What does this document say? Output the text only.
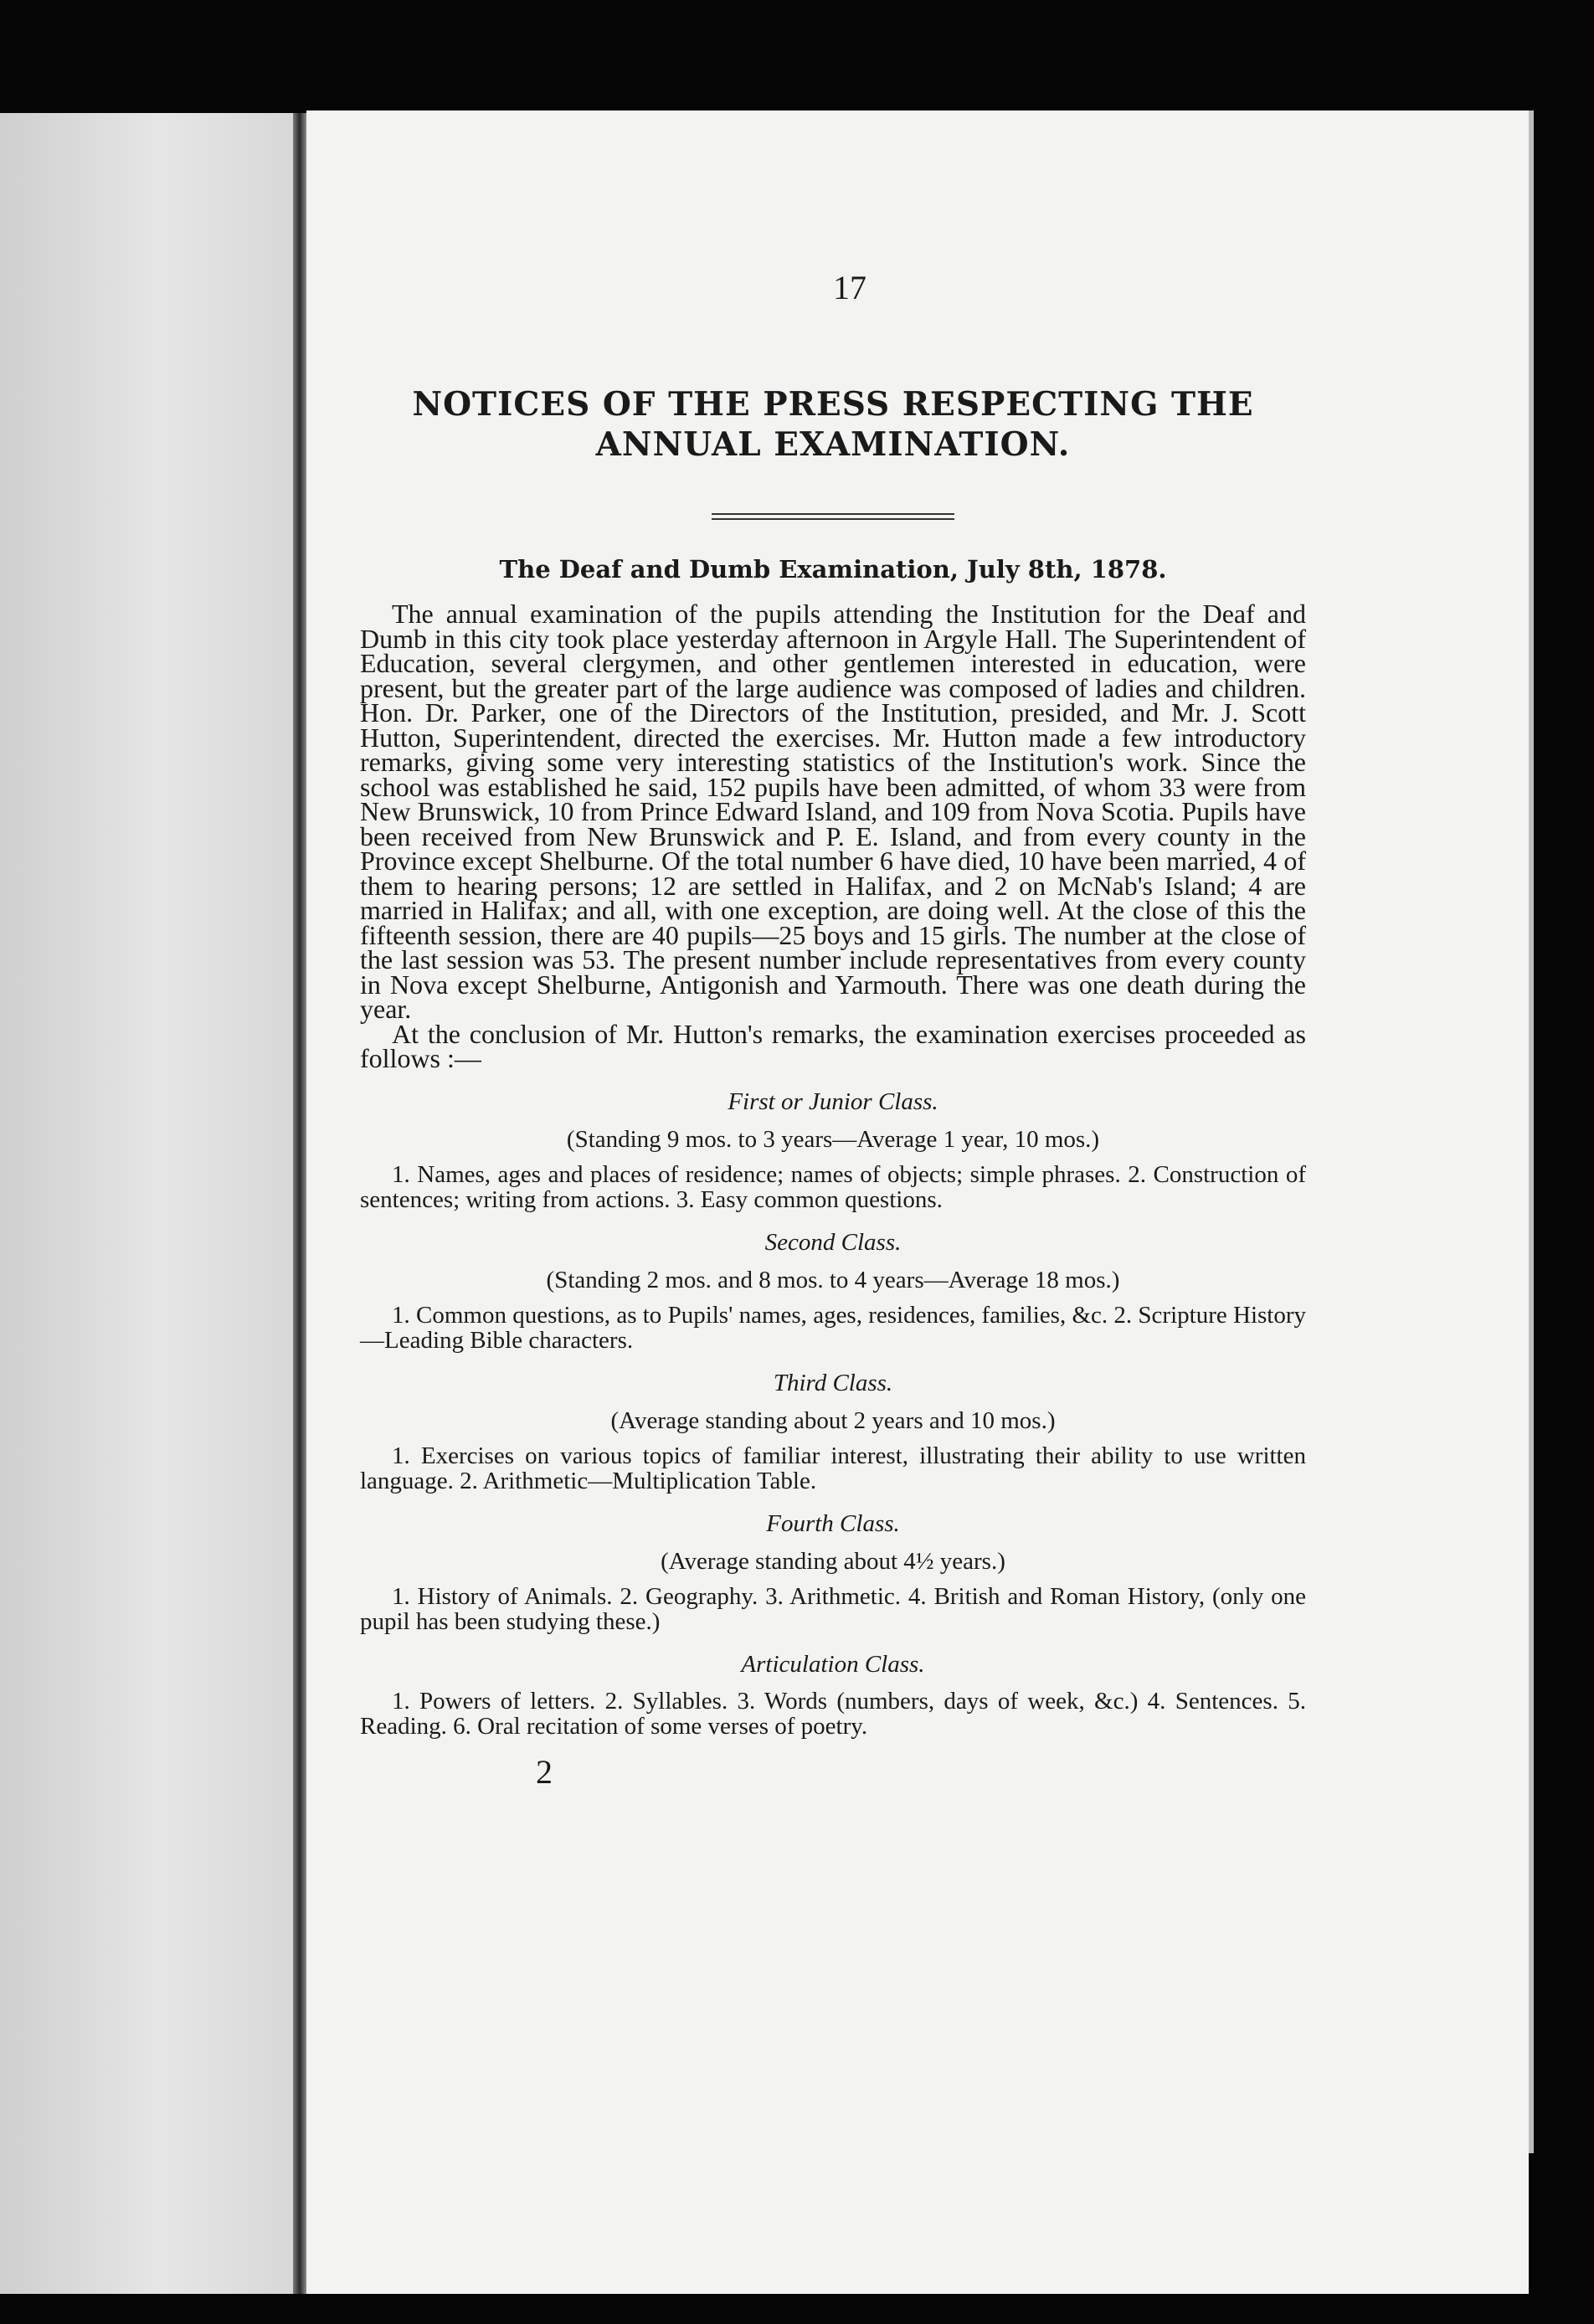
17
NOTICES OF THE PRESS RESPECTING THE
ANNUAL EXAMINATION.
The Deaf and Dumb Examination, July 8th, 1878.

The annual examination of the pupils attending the Institution for the Deaf and Dumb in this city took place yesterday afternoon in Argyle Hall. The Superintendent of Education, several clergymen, and other gentlemen interested in education, were present, but the greater part of the large audience was composed of ladies and children. Hon. Dr. Parker, one of the Directors of the Institution, presided, and Mr. J. Scott Hutton, Superintendent, directed the exercises. Mr. Hutton made a few introductory remarks, giving some very interesting statistics of the Institution's work. Since the school was established he said, 152 pupils have been admitted, of whom 33 were from New Brunswick, 10 from Prince Edward Island, and 109 from Nova Scotia. Pupils have been received from New Brunswick and P. E. Island, and from every county in the Province except Shelburne. Of the total number 6 have died, 10 have been married, 4 of them to hearing persons; 12 are settled in Halifax, and 2 on McNab's Island; 4 are married in Halifax; and all, with one exception, are doing well. At the close of this the fifteenth session, there are 40 pupils—25 boys and 15 girls. The number at the close of the last session was 53. The present number include representatives from every county in Nova except Shelburne, Antigonish and Yarmouth. There was one death during the year.

At the conclusion of Mr. Hutton's remarks, the examination exercises proceeded as follows :—

First or Junior Class.
(Standing 9 mos. to 3 years—Average 1 year, 10 mos.)

1. Names, ages and places of residence; names of objects; simple phrases. 2. Construction of sentences; writing from actions. 3. Easy common questions.

Second Class.
(Standing 2 mos. and 8 mos. to 4 years—Average 18 mos.)

1. Common questions, as to Pupils' names, ages, residences, families, &c. 2. Scripture History—Leading Bible characters.

Third Class.
(Average standing about 2 years and 10 mos.)

1. Exercises on various topics of familiar interest, illustrating their ability to use written language. 2. Arithmetic—Multiplication Table.

Fourth Class.
(Average standing about 4½ years.)

1. History of Animals. 2. Geography. 3. Arithmetic. 4. British and Roman History, (only one pupil has been studying these.)

Articulation Class.

1. Powers of letters. 2. Syllables. 3. Words (numbers, days of week, &c.) 4. Sentences. 5. Reading. 6. Oral recitation of some verses of poetry.

2
